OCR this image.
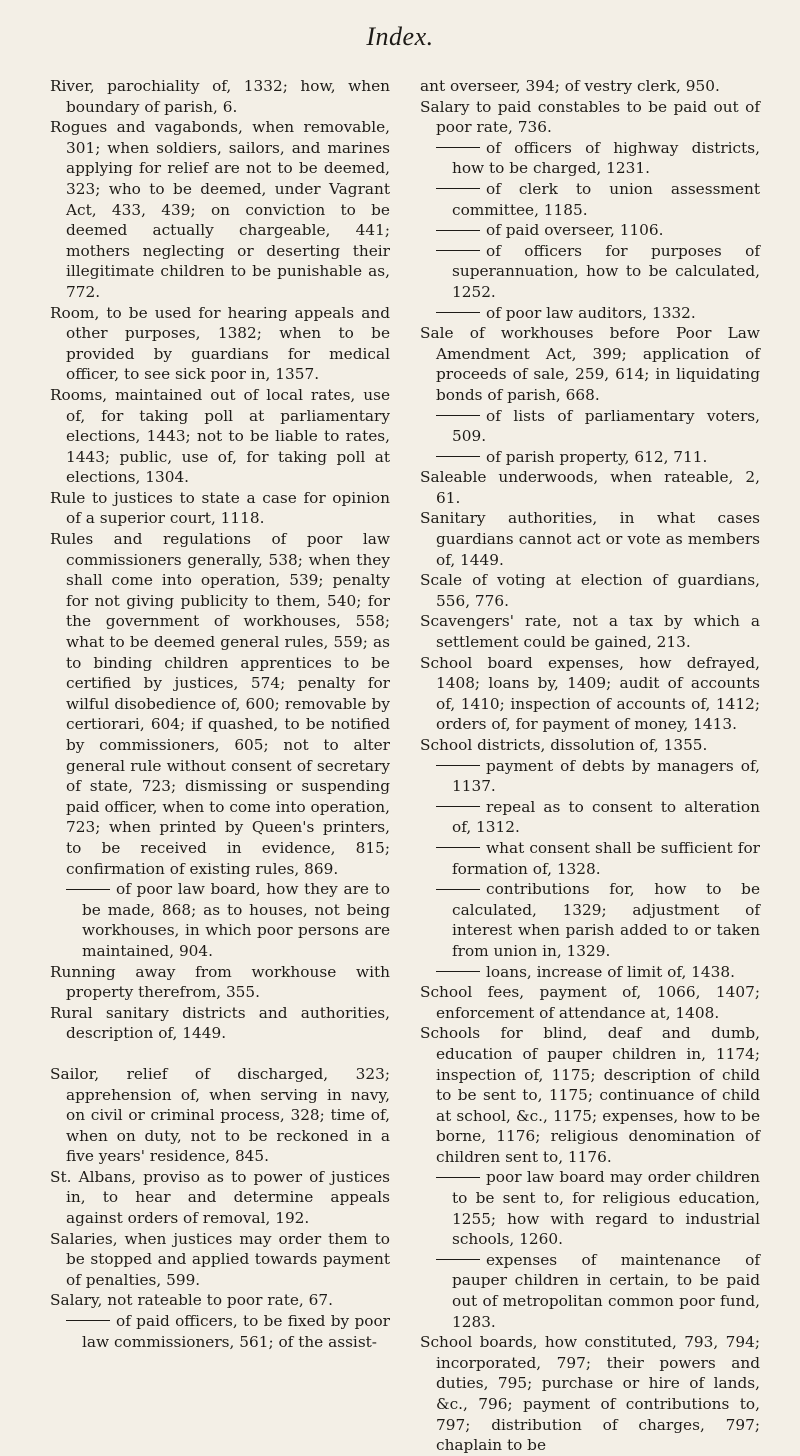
Index.

River, parochiality of, 1332; how, when boundary of parish, 6.

Rogues and vagabonds, when removable, 301; when soldiers, sailors, and marines applying for relief are not to be deemed, 323; who to be deemed, under Vagrant Act, 433, 439; on conviction to be deemed actually chargeable, 441; mothers neglecting or deserting their illegitimate children to be punishable as, 772.

Room, to be used for hearing appeals and other purposes, 1382; when to be provided by guardians for medical officer, to see sick poor in, 1357.

Rooms, maintained out of local rates, use of, for taking poll at parliamentary elections, 1443; not to be liable to rates, 1443; public, use of, for taking poll at elections, 1304.

Rule to justices to state a case for opinion of a superior court, 1118.

Rules and regulations of poor law commissioners generally, 538; when they shall come into operation, 539; penalty for not giving publicity to them, 540; for the government of workhouses, 558; what to be deemed general rules, 559; as to binding children apprentices to be certified by justices, 574; penalty for wilful disobedience of, 600; removable by certiorari, 604; if quashed, to be notified by commissioners, 605; not to alter general rule without consent of secretary of state, 723; dismissing or suspending paid officer, when to come into operation, 723; when printed by Queen's printers, to be received in evidence, 815; confirmation of existing rules, 869.

of poor law board, how they are to be made, 868; as to houses, not being workhouses, in which poor persons are maintained, 904.

Running away from workhouse with property therefrom, 355.

Rural sanitary districts and authorities, description of, 1449.

Sailor, relief of discharged, 323; apprehension of, when serving in navy, on civil or criminal process, 328; time of, when on duty, not to be reckoned in a five years' residence, 845.

St. Albans, proviso as to power of justices in, to hear and determine appeals against orders of removal, 192.

Salaries, when justices may order them to be stopped and applied towards payment of penalties, 599.

Salary, not rateable to poor rate, 67.

of paid officers, to be fixed by poor law commissioners, 561; of the assist-

ant overseer, 394; of vestry clerk, 950.

Salary to paid constables to be paid out of poor rate, 736.

of officers of highway districts, how to be charged, 1231.

of clerk to union assessment committee, 1185.

of paid overseer, 1106.

of officers for purposes of superannuation, how to be calculated, 1252.

of poor law auditors, 1332.

Sale of workhouses before Poor Law Amendment Act, 399; application of proceeds of sale, 259, 614; in liquidating bonds of parish, 668.

of lists of parliamentary voters, 509.

of parish property, 612, 711.

Saleable underwoods, when rateable, 2, 61.

Sanitary authorities, in what cases guardians cannot act or vote as members of, 1449.

Scale of voting at election of guardians, 556, 776.

Scavengers' rate, not a tax by which a settlement could be gained, 213.

School board expenses, how defrayed, 1408; loans by, 1409; audit of accounts of, 1410; inspection of accounts of, 1412; orders of, for payment of money, 1413.

School districts, dissolution of, 1355.

payment of debts by managers of, 1137.

repeal as to consent to alteration of, 1312.

what consent shall be sufficient for formation of, 1328.

contributions for, how to be calculated, 1329; adjustment of interest when parish added to or taken from union in, 1329.

loans, increase of limit of, 1438.

School fees, payment of, 1066, 1407; enforcement of attendance at, 1408.

Schools for blind, deaf and dumb, education of pauper children in, 1174; inspection of, 1175; description of child to be sent to, 1175; continuance of child at school, &c., 1175; expenses, how to be borne, 1176; religious denomination of children sent to, 1176.

poor law board may order children to be sent to, for religious education, 1255; how with regard to industrial schools, 1260.

expenses of maintenance of pauper children in certain, to be paid out of metropolitan common poor fund, 1283.

School boards, how constituted, 793, 794; incorporated, 797; their powers and duties, 795; purchase or hire of lands, &c., 796; payment of contributions to, 797; distribution of charges, 797; chaplain to be
